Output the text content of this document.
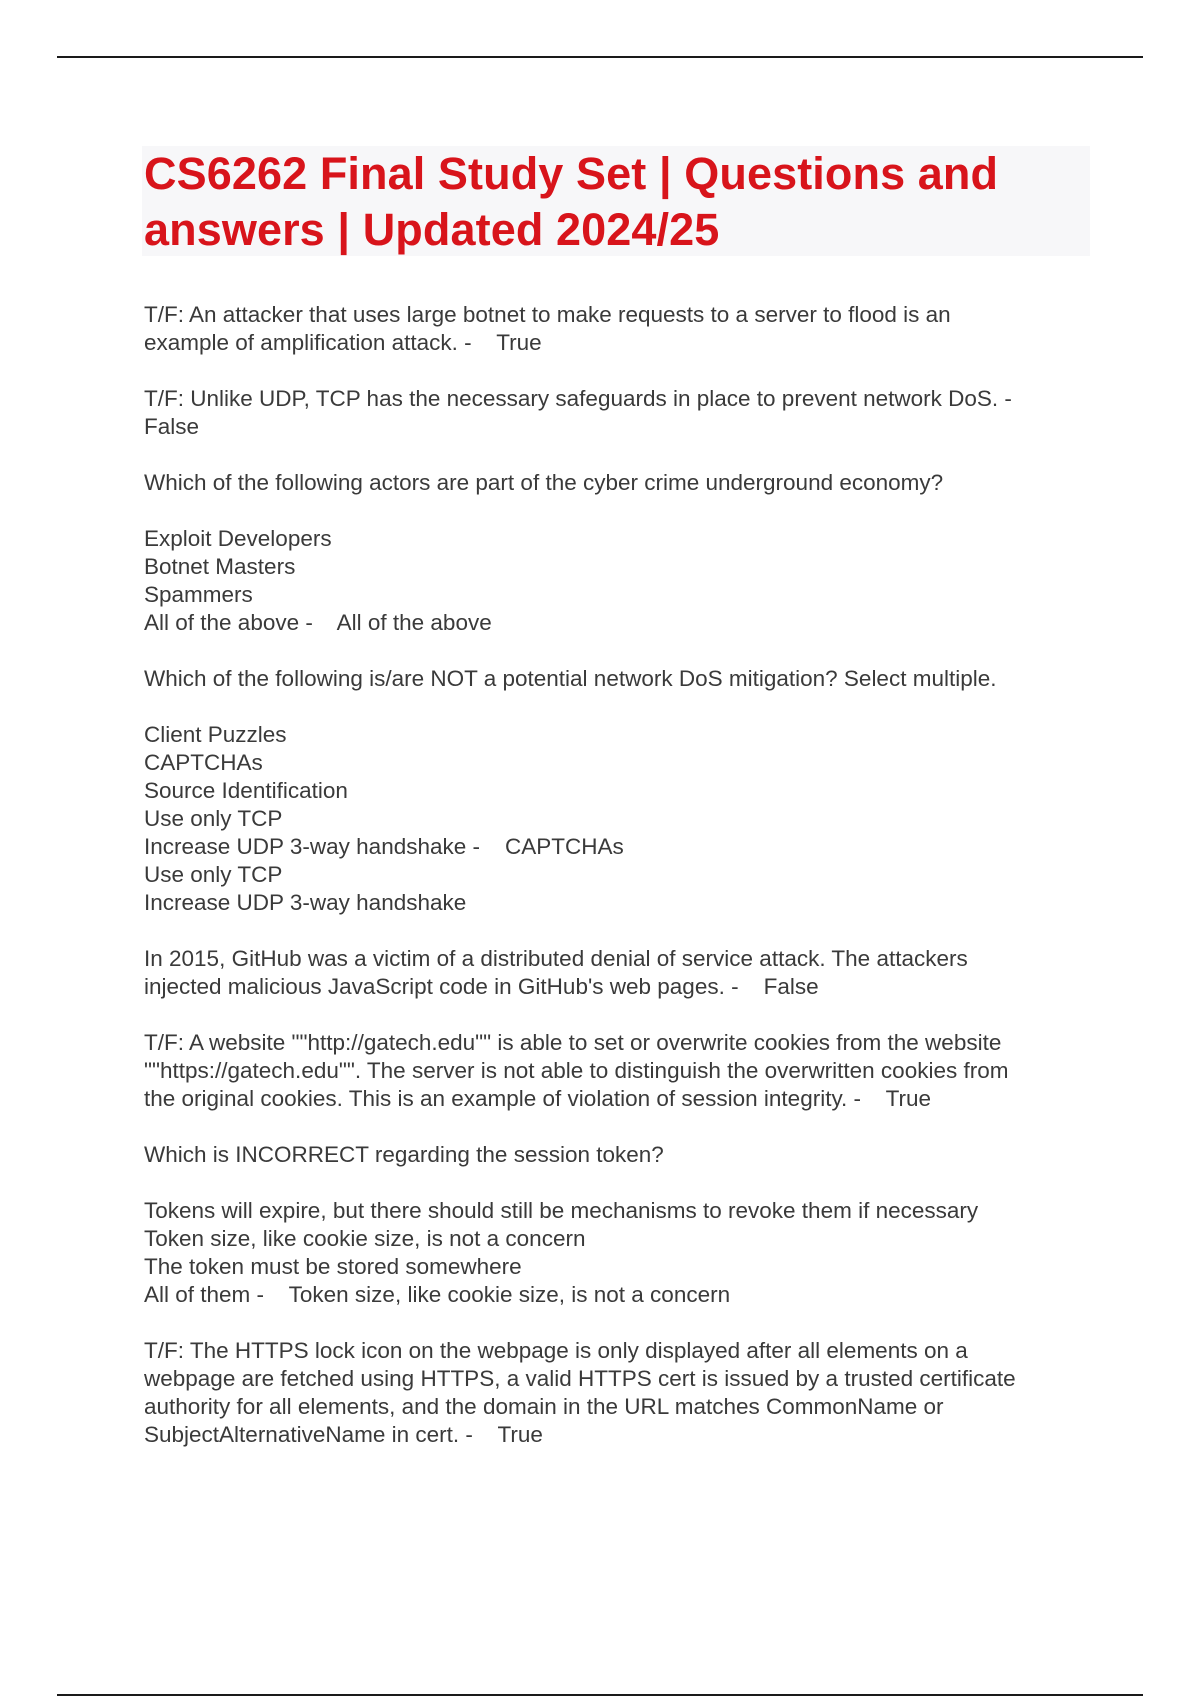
CS6262 Final Study Set | Questions and
answers | Updated 2024/25
T/F: An attacker that uses large botnet to make requests to a server to flood is an
example of amplification attack. -    True
T/F: Unlike UDP, TCP has the necessary safeguards in place to prevent network DoS. -
False
Which of the following actors are part of the cyber crime underground economy?
Exploit Developers
Botnet Masters
Spammers
All of the above -    All of the above
Which of the following is/are NOT a potential network DoS mitigation? Select multiple.
Client Puzzles
CAPTCHAs
Source Identification
Use only TCP
Increase UDP 3-way handshake -    CAPTCHAs
Use only TCP
Increase UDP 3-way handshake
In 2015, GitHub was a victim of a distributed denial of service attack. The attackers
injected malicious JavaScript code in GitHub's web pages. -    False
T/F: A website ""http://gatech.edu"" is able to set or overwrite cookies from the website
""https://gatech.edu"". The server is not able to distinguish the overwritten cookies from
the original cookies. This is an example of violation of session integrity. -    True
Which is INCORRECT regarding the session token?
Tokens will expire, but there should still be mechanisms to revoke them if necessary
Token size, like cookie size, is not a concern
The token must be stored somewhere
All of them -    Token size, like cookie size, is not a concern
T/F: The HTTPS lock icon on the webpage is only displayed after all elements on a
webpage are fetched using HTTPS, a valid HTTPS cert is issued by a trusted certificate
authority for all elements, and the domain in the URL matches CommonName or
SubjectAlternativeName in cert. -    True
